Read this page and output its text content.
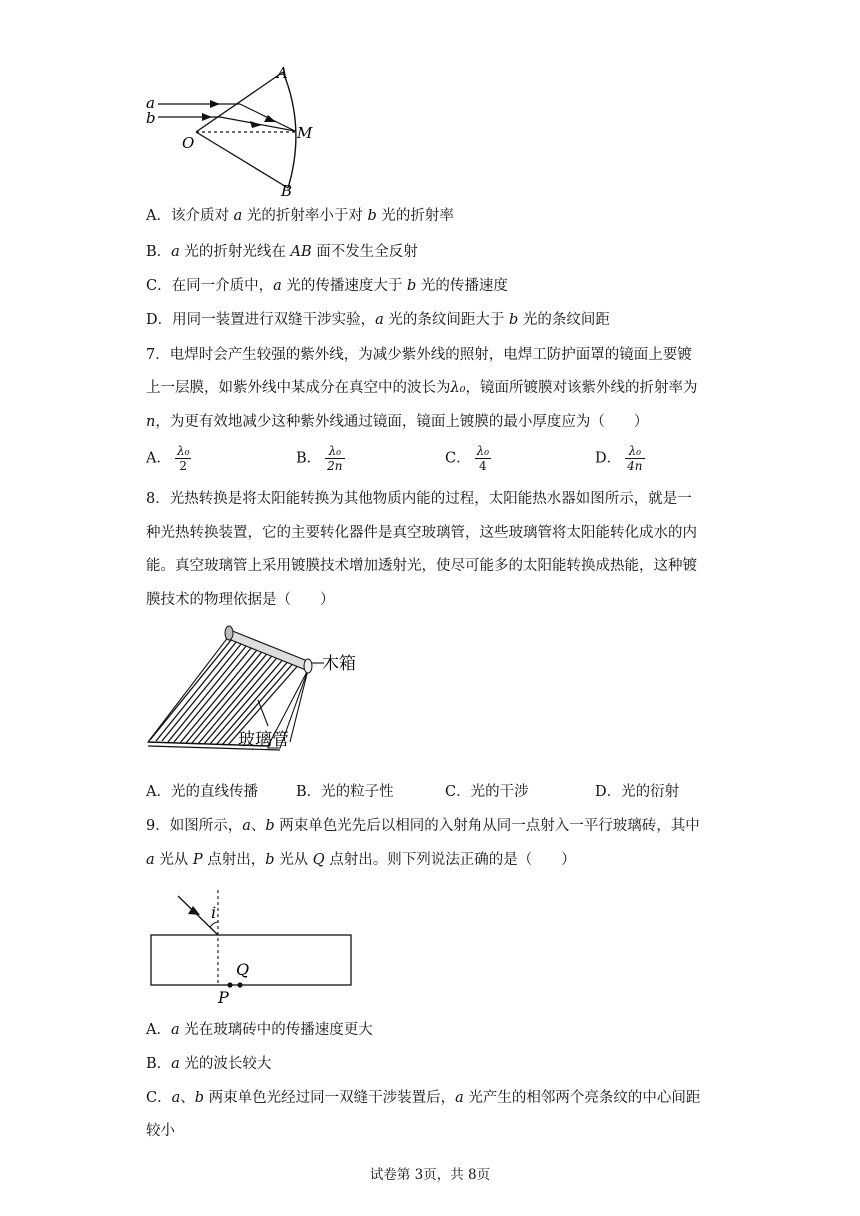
a
b
O
A
M
B
A．该介质对 a 光的折射率小于对 b 光的折射率
B．a 光的折射光线在 AB 面不发生全反射
C．在同一介质中，a 光的传播速度大于 b 光的传播速度
D．用同一装置进行双缝干涉实验，a 光的条纹间距大于 b 光的条纹间距
7．电焊时会产生较强的紫外线，为减少紫外线的照射，电焊工防护面罩的镜面上要镀
上一层膜，如紫外线中某成分在真空中的波长为λ₀，镜面所镀膜对该紫外线的折射率为
n，为更有效地减少这种紫外线通过镜面，镜面上镀膜的最小厚度应为（　　）
A． $\frac{\text{λ₀}}{2}$	B． $\frac{\text{λ₀}}{2n}$	C． $\frac{\text{λ₀}}{4}$	D． $\frac{\text{λ₀}}{4n}$
8．光热转换是将太阳能转换为其他物质内能的过程，太阳能热水器如图所示，就是一
种光热转换装置，它的主要转化器件是真空玻璃管，这些玻璃管将太阳能转化成水的内
能。真空玻璃管上采用镀膜技术增加透射光，使尽可能多的太阳能转换成热能，这种镀
膜技术的物理依据是（　　）
木箱
玻璃管
A．光的直线传播	B．光的粒子性	C．光的干涉	D．光的衍射
9．如图所示，a、b 两束单色光先后以相同的入射角从同一点射入一平行玻璃砖，其中
a 光从 P 点射出，b 光从 Q 点射出。则下列说法正确的是（　　）
i
Q
P
A．a 光在玻璃砖中的传播速度更大
B．a 光的波长较大
C．a、b 两束单色光经过同一双缝干涉装置后，a 光产生的相邻两个亮条纹的中心间距
较小
试卷第 3页，共 8页
